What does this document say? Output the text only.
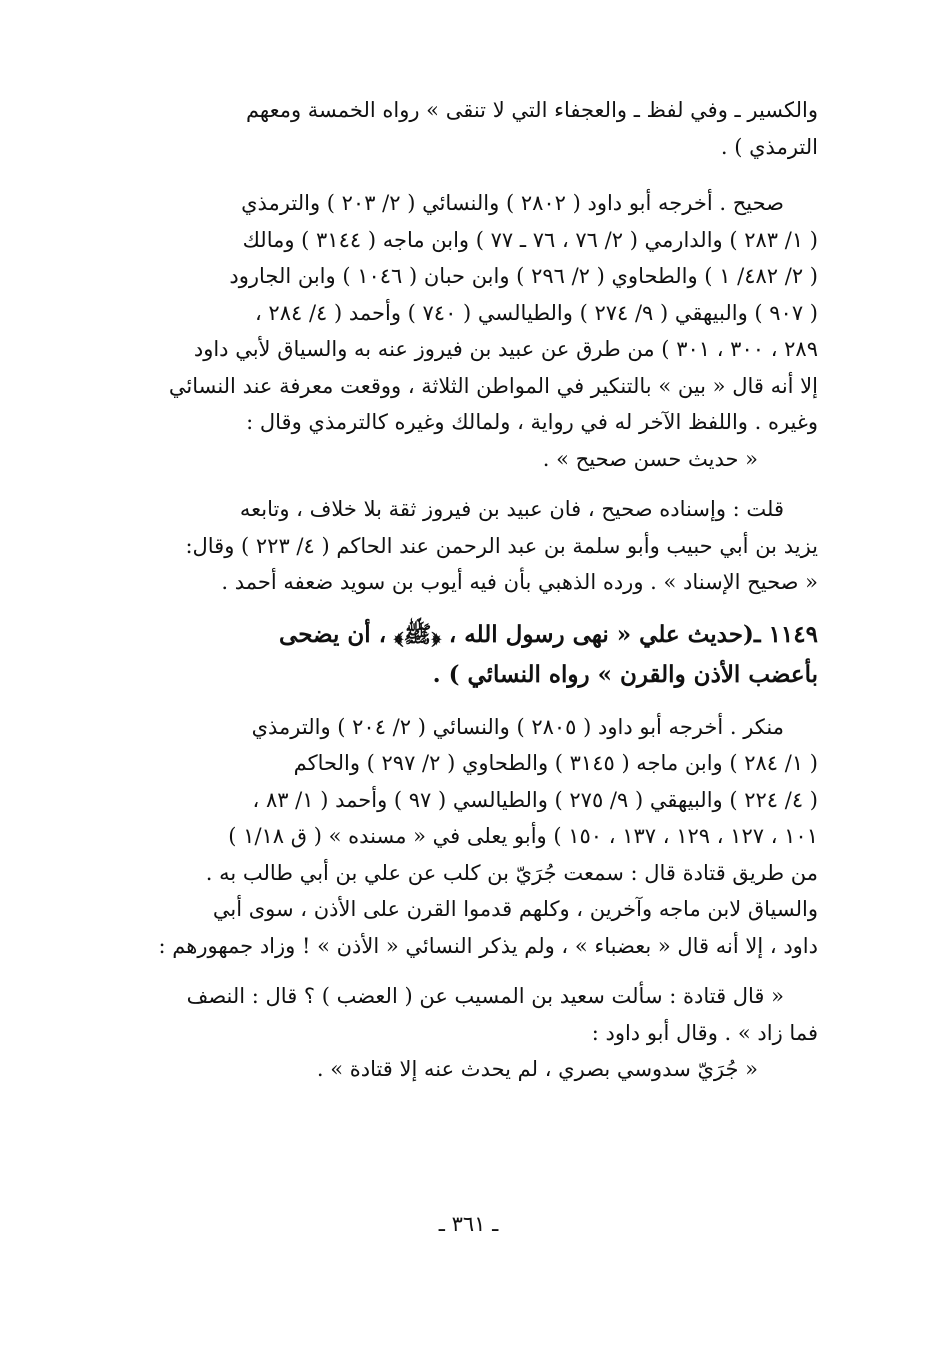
والكسير ـ وفي لفظ ـ والعجفاء التي لا تنقى » رواه الخمسة ومعهم

الترمذي ) .

صحيح . أخرجه أبو داود ( ٢٨٠٢ ) والنسائي ( ٢/ ٢٠٣ ) والترمذي

( ١/ ٢٨٣ ) والدارمي ( ٢/ ٧٦ ، ٧٦ ـ ٧٧ ) وابن ماجه ( ٣١٤٤ ) ومالك

( ٢/ ٤٨٢/ ١ ) والطحاوي ( ٢/ ٢٩٦ ) وابن حبان ( ١٠٤٦ ) وابن الجارود

( ٩٠٧ ) والبيهقي ( ٩/ ٢٧٤ ) والطيالسي ( ٧٤٠ ) وأحمد ( ٤/ ٢٨٤ ،

٢٨٩ ، ٣٠٠ ، ٣٠١ ) من طرق عن عبيد بن فيروز عنه به والسياق لأبي داود

إلا أنه قال « بين » بالتنكير في المواطن الثلاثة ، ووقعت معرفة عند النسائي

وغيره . واللفظ الآخر له في رواية ، ولمالك وغيره كالترمذي وقال :

« حديث حسن صحيح » .

قلت : وإسناده صحيح ، فان عبيد بن فيروز ثقة بلا خلاف ، وتابعه

يزيد بن أبي حبيب وأبو سلمة بن عبد الرحمن عند الحاكم ( ٤/ ٢٢٣ ) وقال:

« صحيح الإسناد » . ورده الذهبي بأن فيه أيوب بن سويد ضعفه أحمد .

١١٤٩ ـ(حديث علي « نهى رسول الله ، ﴿ﷺ﴾ ، أن يضحى

بأعضب الأذن والقرن » رواه النسائي ) .

منكر . أخرجه أبو داود ( ٢٨٠٥ ) والنسائي ( ٢/ ٢٠٤ ) والترمذي

( ١/ ٢٨٤ ) وابن ماجه ( ٣١٤٥ ) والطحاوي ( ٢/ ٢٩٧ ) والحاكم

( ٤/ ٢٢٤ ) والبيهقي ( ٩/ ٢٧٥ ) والطيالسي ( ٩٧ ) وأحمد ( ١/ ٨٣ ،

١٠١ ، ١٢٧ ، ١٢٩ ، ١٣٧ ، ١٥٠ ) وأبو يعلى في « مسنده » ( ق ١/١٨ )

من طريق قتادة قال : سمعت جُرَيّ بن كلب عن علي بن أبي طالب به .

والسياق لابن ماجه وآخرين ، وكلهم قدموا القرن على الأذن ، سوى أبي

داود ، إلا أنه قال « بعضباء » ، ولم يذكر النسائي « الأذن » ! وزاد جمهورهم :

« قال قتادة : سألت سعيد بن المسيب عن ( العضب ) ؟ قال : النصف

فما زاد » . وقال أبو داود :

« جُرَيّ سدوسي بصري ، لم يحدث عنه إلا قتادة » .

ـ ٣٦١ ـ
